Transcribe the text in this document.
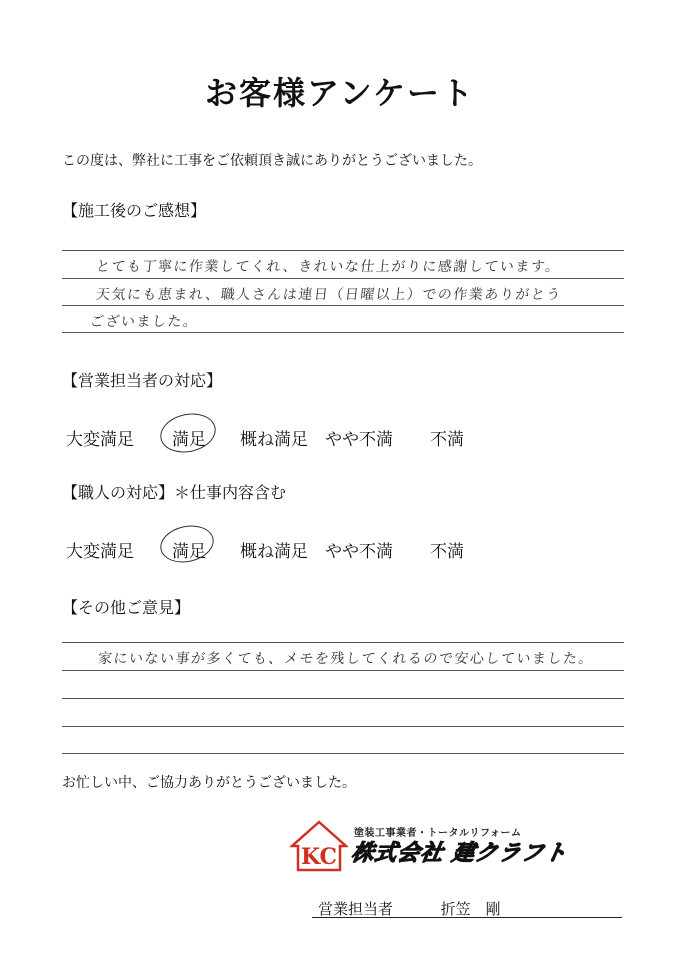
お客様アンケート
この度は、弊社に工事をご依頼頂き誠にありがとうございました。
【施工後のご感想】
とても丁寧に作業してくれ、きれいな仕上がりに感謝しています。
天気にも恵まれ、職人さんは連日（日曜以上）での作業ありがとう
ございました。
【営業担当者の対応】
大変満足 満足 概ね満足 やや不満 不満
【職人の対応】＊仕事内容含む
大変満足 満足 概ね満足 やや不満 不満
【その他ご意見】
家にいない事が多くても、メモを残してくれるので安心していました。
お忙しい中、ご協力ありがとうございました。
KC
塗装工事業者・トータルリフォーム
株式会社 建クラフト
営業担当者	折笠　剛
